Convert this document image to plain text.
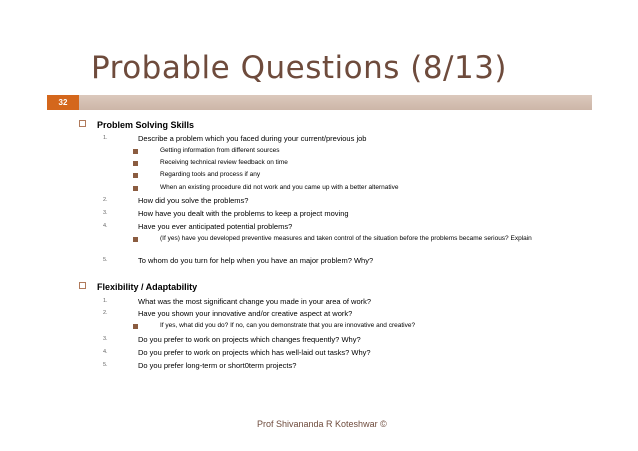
Probable Questions (8/13)
32
Problem Solving Skills
1.	Describe a problem which you faced during your current/previous job
Getting information from different sources
Receiving technical review feedback on time
Regarding tools and process if any
When an existing procedure did not work and you came up with a better alternative
2.	How did you solve the problems?
3.	How have you dealt with the problems to keep a project moving
4.	Have you ever anticipated potential problems?
(If yes) have you developed preventive measures and taken control of the situation before the problems became serious? Explain
5.	To whom do you turn for help when you have an major problem? Why?
Flexibility / Adaptability
1.	What was the most significant change you made in your area of work?
2.	Have you shown your innovative and/or creative aspect at work?
If yes, what did you do? If no, can you demonstrate that you are innovative and creative?
3.	Do you prefer to work on projects which changes frequently? Why?
4.	Do you prefer to work on projects which has well-laid out tasks? Why?
5.	Do you prefer long-term or short0term projects?
Prof Shivananda R Koteshwar ©
